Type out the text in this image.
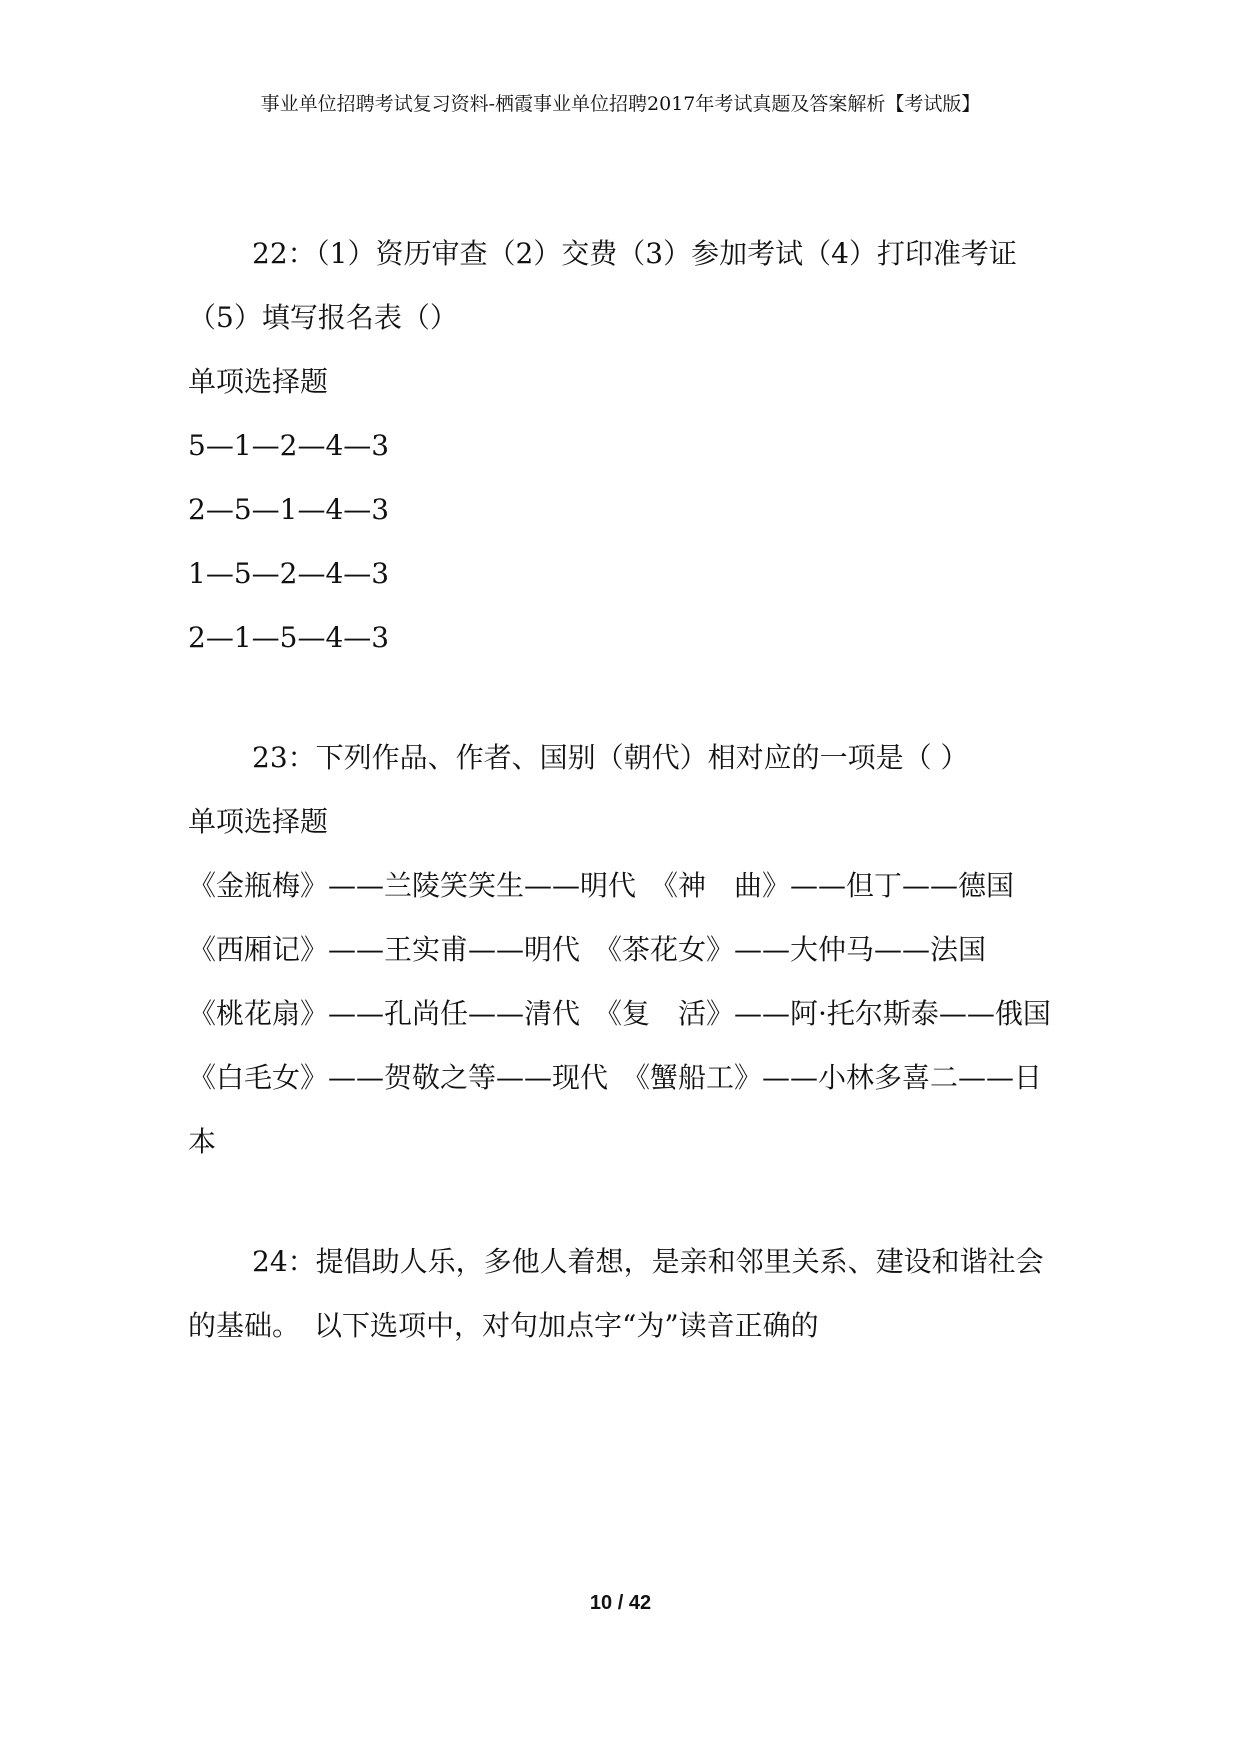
事业单位招聘考试复习资料-栖霞事业单位招聘2017年考试真题及答案解析【考试版】

22：（1）资历审查（2）交费（3）参加考试（4）打印准考证（5）填写报名表（）

单项选择题

5—1—2—4—3
2—5—1—4—3
1—5—2—4—3
2—1—5—4—3

23：下列作品、作者、国别（朝代）相对应的一项是（ ）

单项选择题

《金瓶梅》——兰陵笑笑生——明代　《神　曲》——但丁——德国
《西厢记》——王实甫——明代　《茶花女》——大仲马——法国
《桃花扇》——孔尚任——清代　《复　活》——阿·托尔斯泰——俄国
《白毛女》——贺敬之等——现代　《蟹船工》——小林多喜二——日本

24：提倡助人乐，多他人着想，是亲和邻里关系、建设和谐社会的基础。　以下选项中，对句加点字“为”读音正确的

10 / 42
